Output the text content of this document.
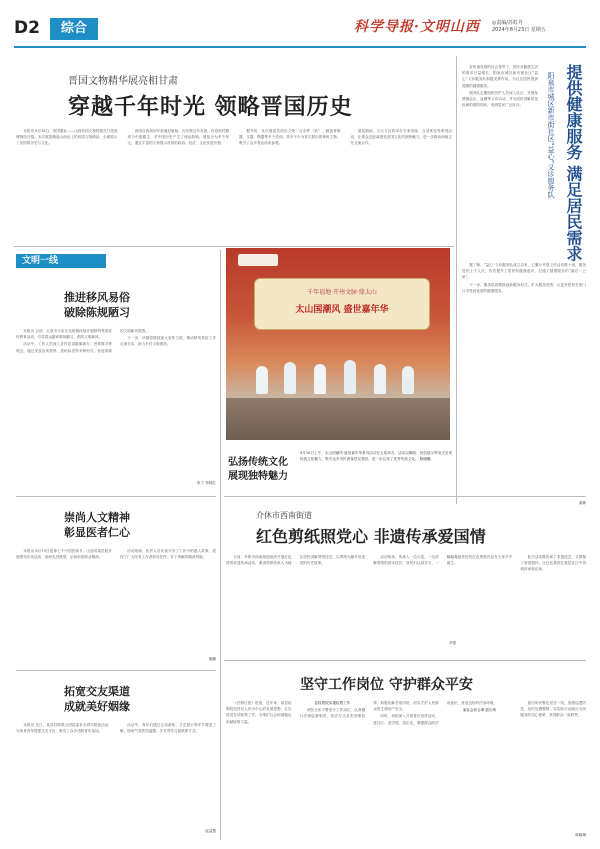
D2	综合	科学导报·文明山西 ◎责编/苏虹丹
2024年8月23日 星期五
晋国文物精华展亮相甘肃
穿越千年时光 领略晋国历史

本报讯 8月18日，晋国霸业——山西晋国文物特展在甘肃省博物馆开幕。本次展览精选山西出土的晋国文物精品，全面展示了晋国的历史与文化。

晋国自西周初年叔虞封唐始，历经数百年发展，在春秋时期成为中原霸主，对中国历史产生了深远影响。展览分为多个单元，通过丰富的文物展示晋国的政治、经济、文化发展历程。

据介绍，本次展览共展出文物二百余件（套），涵盖青铜器、玉器、陶器等多个类别，其中不少为首次展出的珍贵文物，吸引了众多观众前来参观。

展览期间，主办方还将举办专家讲座、互动体验等系列活动，让观众近距离感受晋国文化的独特魅力，进一步推动两地文化交流合作。

文明一线
推进移风易俗
破除陈规陋习

本报讯 目前，太原市小店区北格镇持续开展移风易俗宣传教育活动，引导群众摒弃陈规陋习，倡导文明新风。

活动中，工作人员深入各村宣讲婚事新办、丧事简办等理念，通过发放宣传资料、张贴标语等多种形式，营造浓厚的文明新风氛围。

下一步，该镇将继续加大宣传力度，推动移风易俗工作走深走实，助力乡村文明建设。

申力 李林红
崇尚人文精神
彰显医者仁心

本报讯 8月19日是第七个中国医师节。山西省某医院开展系列庆祝活动，表彰先进典型，弘扬崇高职业精神。

活动现场，医护人员代表分享了工作中的感人故事，展现了广大医务工作者救死扶伤、甘于奉献的精神风貌。

姚鹏
拓宽交友渠道
成就美好姻缘

本报讯 近日，某县妇联联合团县委举办青年联谊活动，为单身青年搭建交友平台，吸引了众多适龄青年参加。

活动中，青年们通过互动游戏、才艺展示等环节增进了解，现场气氛热烈温馨，多对青年互留联系方式。

庞益慧
千年福地·开州文脉·鼎太山
太山国潮风 盛世嘉年华
弘扬传统文化
展现独特魅力
8月16日上午，太山国潮风·盛世嘉年华系列活动在太原举办，活动以舞蹈、民俗展示等形式呈现传统文化魅力，吸引众多市民游客驻足观赏，进一步弘扬了优秀传统文化。 陈晓璐
提供健康服务 满足居民需求
阳泉市城区新市街社区“益心”义诊服务队

在快速发展的社会背景下，居民对健康生活的需求日益增长。阳泉市城区新市街社区“益心”义诊服务队积极发挥作用，为社区居民提供便捷的健康服务。

服务队定期组织医护人员深入社区，开展免费测血压、血糖等义诊活动，并为居民讲解常见疾病的预防知识，受到居民广泛好评。

据了解，“益心”义诊服务队成立以来，已累计开展义诊活动数十场，服务居民上千人次，有效提升了居民的健康意识，打通了健康服务的“最后一公里”。

下一步，服务队将继续创新服务形式，扩大服务范围，让更多居民在家门口享受到优质的健康服务。

姜林
介休市西南街道
红色剪纸照党心 非遗传承爱国情

日前，介休市西南街道组织开展红色剪纸非遗传承活动，邀请剪纸传承人为辖区居民讲解剪纸技艺，以剪纸为媒介讲述党的历史故事。

活动现场，传承人一边示范，一边讲解剪纸的基本技法，居民们认真学习，一幅幅寓意美好的红色剪纸作品在大家手中诞生。

此次活动既传承了非遗技艺，又厚植了爱国情怀，让红色基因在基层社区中得到传承和弘扬。

辛强
坚守工作岗位 守护群众平安

《法制日报》报道，近年来，某县检察院坚持以人民为中心的发展思想，扎实推进各项检察工作，为维护社会和谐稳定贡献检察力量。

县检察院实施检察工作

该院全体干警坚守工作岗位，认真履行法律监督职责，依法打击各类刑事犯罪，积极化解矛盾纠纷，切实守护人民群众的生命财产安全。

同时，该院深入开展普法宣传活动，进社区、进学校、进企业，增强群众的法治意识，营造良好的法治环境。

某社会综合事·派出所

派出所民警也坚守一线，加强巡逻防控，及时处置警情，以实际行动践行为民服务的初心使命，获得群众一致称赞。

陈晓琳
